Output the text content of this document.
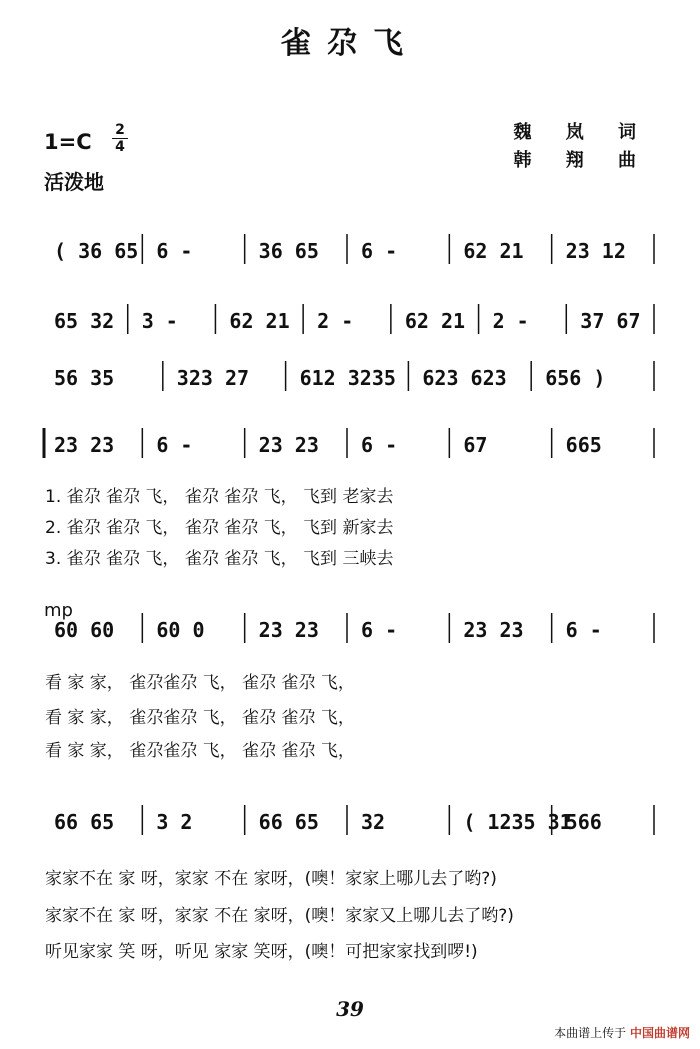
雀尕飞
1=C 2
4
活泼地
魏 岚 词
韩 翔 曲
( 36 65 6 -	36 65 6 -	62 21 23 12
65 32 3 -	62 21 2 -	62 21 2 -	37 67
56 35	323 27	612 3235 623 623 656 )
23 23 6 -	23 23 6 -	67	665
60 60 60 0	23 23 6 -	23 23 6 -
66 65 3 2	66 65 32	( 1235 31
566
1. 雀尕 雀尕 飞， 雀尕 雀尕 飞， 飞到 老家去
2. 雀尕 雀尕 飞， 雀尕 雀尕 飞， 飞到 新家去
3. 雀尕 雀尕 飞， 雀尕 雀尕 飞， 飞到 三峡去
mp
看 家 家， 雀尕雀尕 飞， 雀尕 雀尕 飞，
看 家 家， 雀尕雀尕 飞， 雀尕 雀尕 飞，
看 家 家， 雀尕雀尕 飞， 雀尕 雀尕 飞，
家家不在 家 呀，家家 不在 家呀，(噢！家家上哪儿去了哟?)
家家不在 家 呀，家家 不在 家呀，(噢！家家又上哪儿去了哟?)
听见家家 笑 呀，听见 家家 笑呀，(噢！可把家家找到啰!)
39
本曲谱上传于 中国曲谱网
